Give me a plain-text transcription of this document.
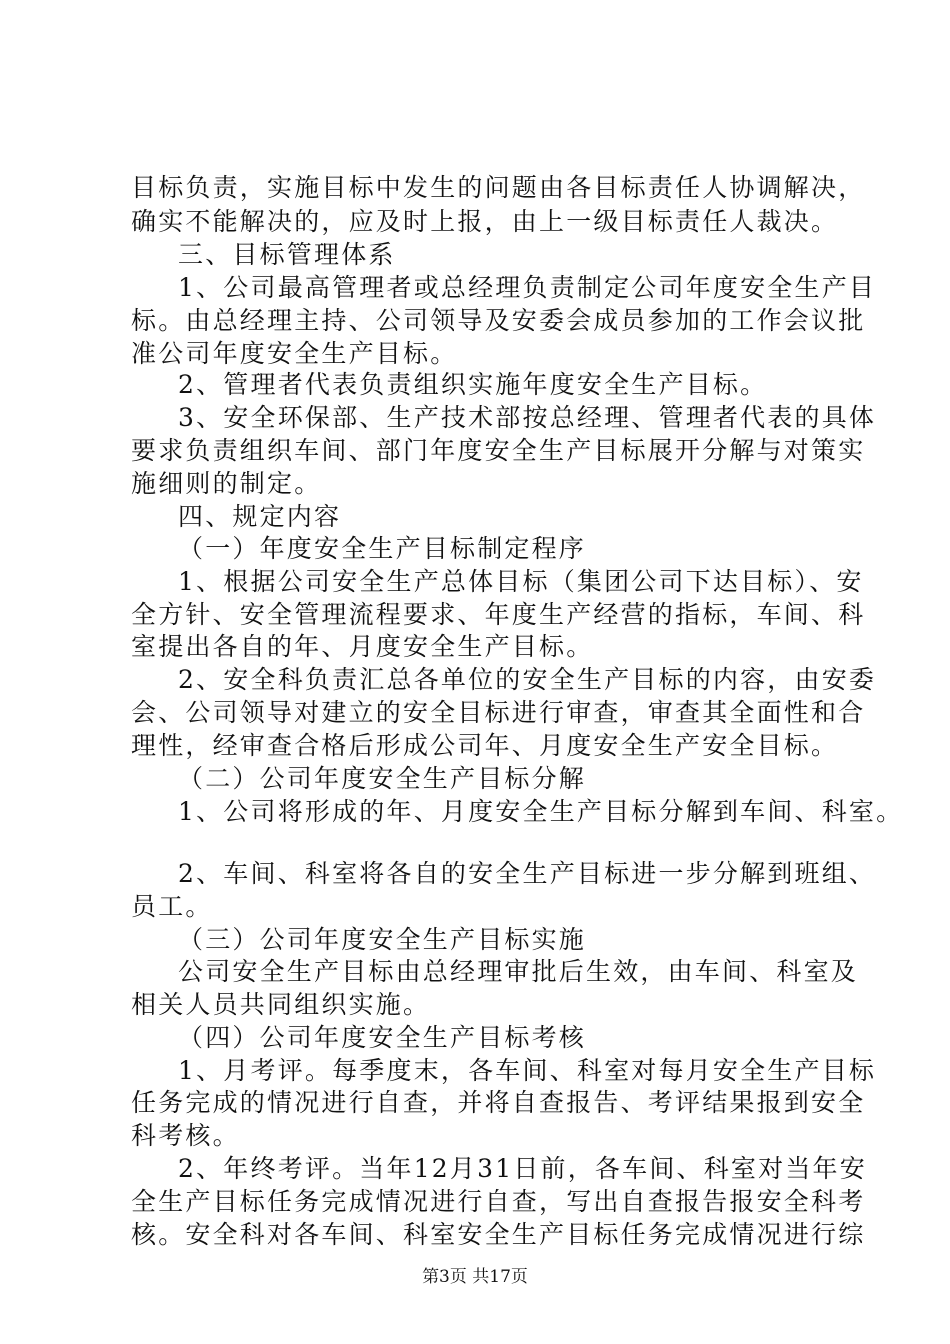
目标负责，实施目标中发生的问题由各目标责任人协调解决，
确实不能解决的，应及时上报，由上一级目标责任人裁决。
三、目标管理体系
1、公司最高管理者或总经理负责制定公司年度安全生产目
标。由总经理主持、公司领导及安委会成员参加的工作会议批
准公司年度安全生产目标。
2、管理者代表负责组织实施年度安全生产目标。
3、安全环保部、生产技术部按总经理、管理者代表的具体
要求负责组织车间、部门年度安全生产目标展开分解与对策实
施细则的制定。
四、规定内容
（一）年度安全生产目标制定程序
1、根据公司安全生产总体目标（集团公司下达目标）、安
全方针、安全管理流程要求、年度生产经营的指标，车间、科
室提出各自的年、月度安全生产目标。
2、安全科负责汇总各单位的安全生产目标的内容，由安委
会、公司领导对建立的安全目标进行审查，审查其全面性和合
理性，经审查合格后形成公司年、月度安全生产安全目标。
（二）公司年度安全生产目标分解
1、公司将形成的年、月度安全生产目标分解到车间、科室。
2、车间、科室将各自的安全生产目标进一步分解到班组、
员工。
（三）公司年度安全生产目标实施
公司安全生产目标由总经理审批后生效，由车间、科室及
相关人员共同组织实施。
（四）公司年度安全生产目标考核
1、月考评。每季度末，各车间、科室对每月安全生产目标
任务完成的情况进行自查，并将自查报告、考评结果报到安全
科考核。
2、年终考评。当年12月31日前，各车间、科室对当年安
全生产目标任务完成情况进行自查，写出自查报告报安全科考
核。安全科对各车间、科室安全生产目标任务完成情况进行综
第3页 共17页
